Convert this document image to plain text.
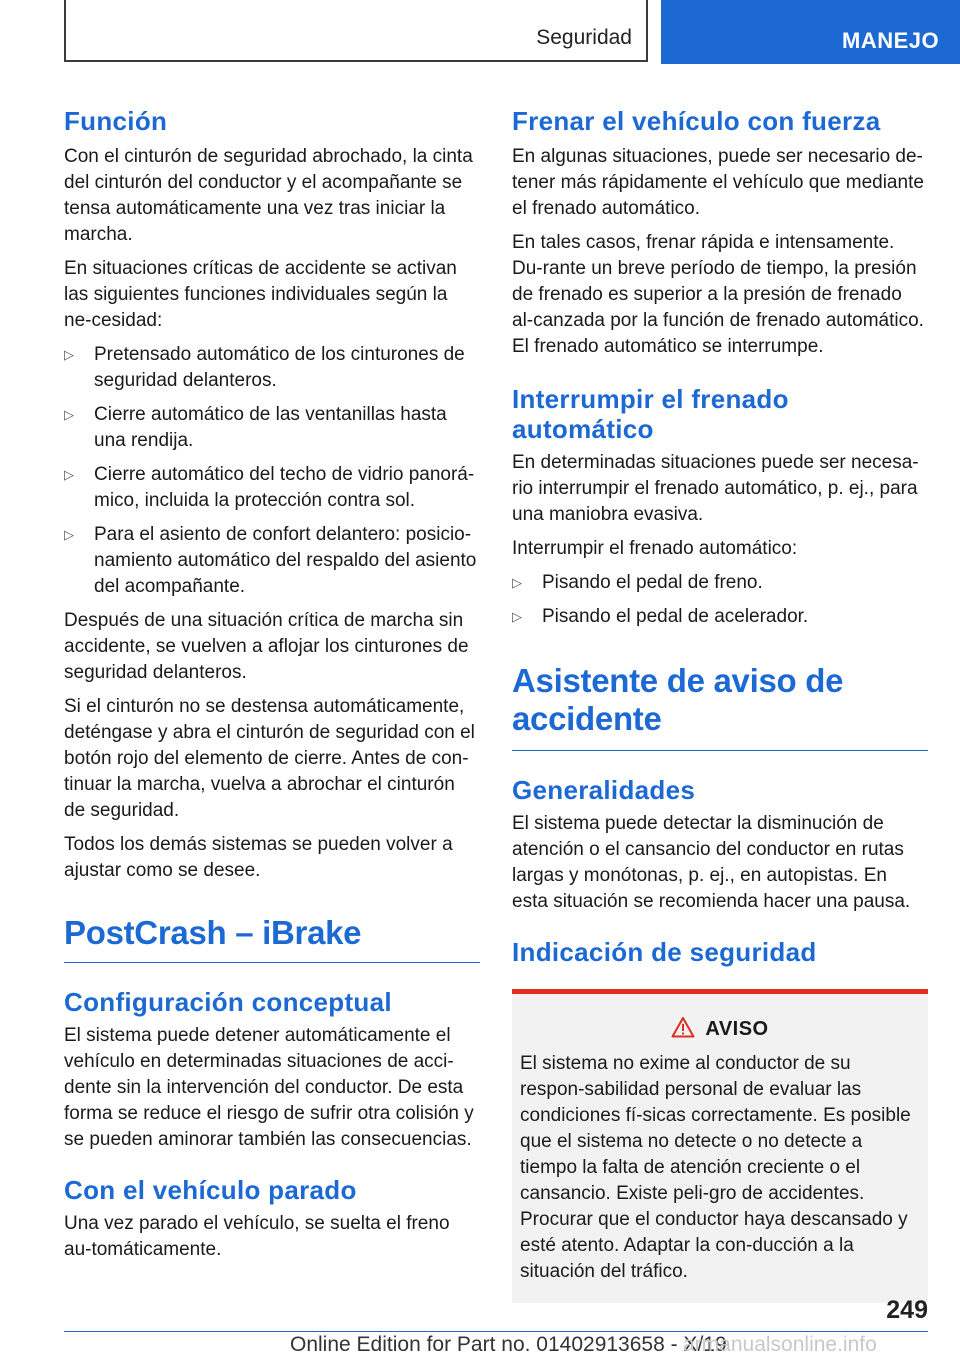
Seguridad	MANEJO
Función

Con el cinturón de seguridad abrochado, la cinta del cinturón del conductor y el acompañante se tensa automáticamente una vez tras iniciar la marcha.

En situaciones críticas de accidente se activan las siguientes funciones individuales según la ne‐cesidad:

▷	Pretensado automático de los cinturones de seguridad delanteros.
▷	Cierre automático de las ventanillas hasta una rendija.
▷	Cierre automático del techo de vidrio panorá‐mico, incluida la protección contra sol.
▷	Para el asiento de confort delantero: posicio‐namiento automático del respaldo del asiento del acompañante.

Después de una situación crítica de marcha sin accidente, se vuelven a aflojar los cinturones de seguridad delanteros.

Si el cinturón no se destensa automáticamente, deténgase y abra el cinturón de seguridad con el botón rojo del elemento de cierre. Antes de con‐tinuar la marcha, vuelva a abrochar el cinturón de seguridad.

Todos los demás sistemas se pueden volver a ajustar como se desee.

PostCrash – iBrake
Configuración conceptual

El sistema puede detener automáticamente el vehículo en determinadas situaciones de acci‐dente sin la intervención del conductor. De esta forma se reduce el riesgo de sufrir otra colisión y se pueden aminorar también las consecuencias.

Con el vehículo parado

Una vez parado el vehículo, se suelta el freno au‐tomáticamente.

Frenar el vehículo con fuerza

En algunas situaciones, puede ser necesario de‐tener más rápidamente el vehículo que mediante el frenado automático.

En tales casos, frenar rápida e intensamente. Du‐rante un breve período de tiempo, la presión de frenado es superior a la presión de frenado al‐canzada por la función de frenado automático. El frenado automático se interrumpe.

Interrumpir el frenado automático

En determinadas situaciones puede ser necesa‐rio interrumpir el frenado automático, p. ej., para una maniobra evasiva.

Interrumpir el frenado automático:

▷	Pisando el pedal de freno.
▷	Pisando el pedal de acelerador.
Asistente de aviso de accidente
Generalidades

El sistema puede detectar la disminución de atención o el cansancio del conductor en rutas largas y monótonas, p. ej., en autopistas. En esta situación se recomienda hacer una pausa.

Indicación de seguridad
AVISO

El sistema no exime al conductor de su respon‐sabilidad personal de evaluar las condiciones fí‐sicas correctamente. Es posible que el sistema no detecte o no detecte a tiempo la falta de atención creciente o el cansancio. Existe peli‐gro de accidentes. Procurar que el conductor haya descansado y esté atento. Adaptar la con‐ducción a la situación del tráfico.

249
Online Edition for Part no. 01402913658 - X/19
armanualsonline.info
